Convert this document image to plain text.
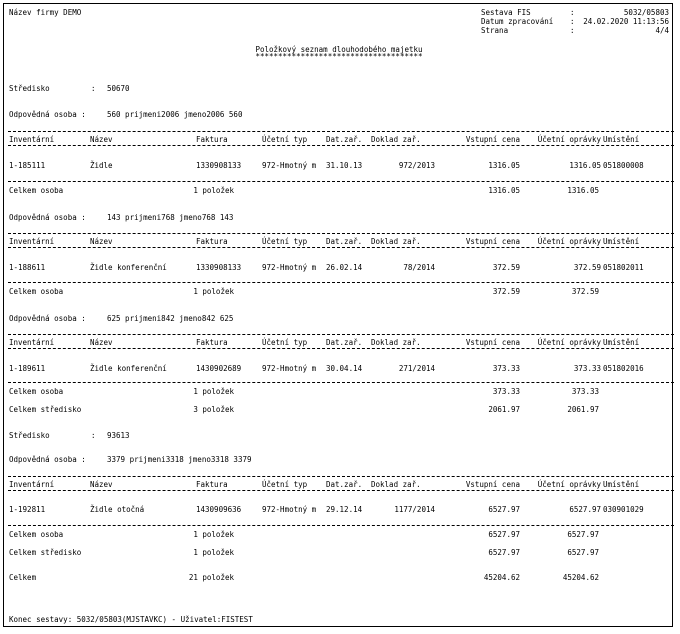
Název firmy DEMO	Sestava FIS	:	5032/05803
Datum zpracování :	24.02.2020 11:13:56
Strana	:	4/4
Položkový seznam dlouhodobého majetku
*************************************
Středisko	: 50670
Odpovědná osoba :	560 prijmeni2006 jmeno2006 560
Inventární	Název	Faktura	Účetní typ	Dat.zař.	Doklad zař.	Vstupní cena	Účetní oprávky Umístění
1-185111	Židle	1330908133	972-Hmotný m	31.10.13	972/2013	1316.05	1316.05 051800008
Celkem osoba	1 položek	1316.05	1316.05
Odpovědná osoba :	143 prijmeni768 jmeno768 143
Inventární	Název	Faktura	Účetní typ	Dat.zař.	Doklad zař.	Vstupní cena	Účetní oprávky Umístění
1-188611	Židle konferenční	1330908133	972-Hmotný m	26.02.14	78/2014	372.59	372.59 051802011
Celkem osoba	1 položek	372.59	372.59
Odpovědná osoba :	625 prijmeni842 jmeno842 625
Inventární	Název	Faktura	Účetní typ	Dat.zař.	Doklad zař.	Vstupní cena	Účetní oprávky Umístění
1-189611	Židle konferenční	1430902689	972-Hmotný m	30.04.14	271/2014	373.33	373.33 051802016
Celkem osoba	1 položek	373.33	373.33
Celkem středisko	3 položek	2061.97	2061.97
Středisko	: 93613
Odpovědná osoba :	3379 prijmeni3318 jmeno3318 3379
Inventární	Název	Faktura	Účetní typ	Dat.zař.	Doklad zař.	Vstupní cena	Účetní oprávky Umístění
1-192811	Židle otočná	1430909636	972-Hmotný m	29.12.14	1177/2014	6527.97	6527.97 030901029
Celkem osoba	1 položek	6527.97	6527.97
Celkem středisko	1 položek	6527.97	6527.97
Celkem	21 položek	45204.62	45204.62
Konec sestavy: 5032/05803(MJSTAVKC) - Uživatel:FISTEST
